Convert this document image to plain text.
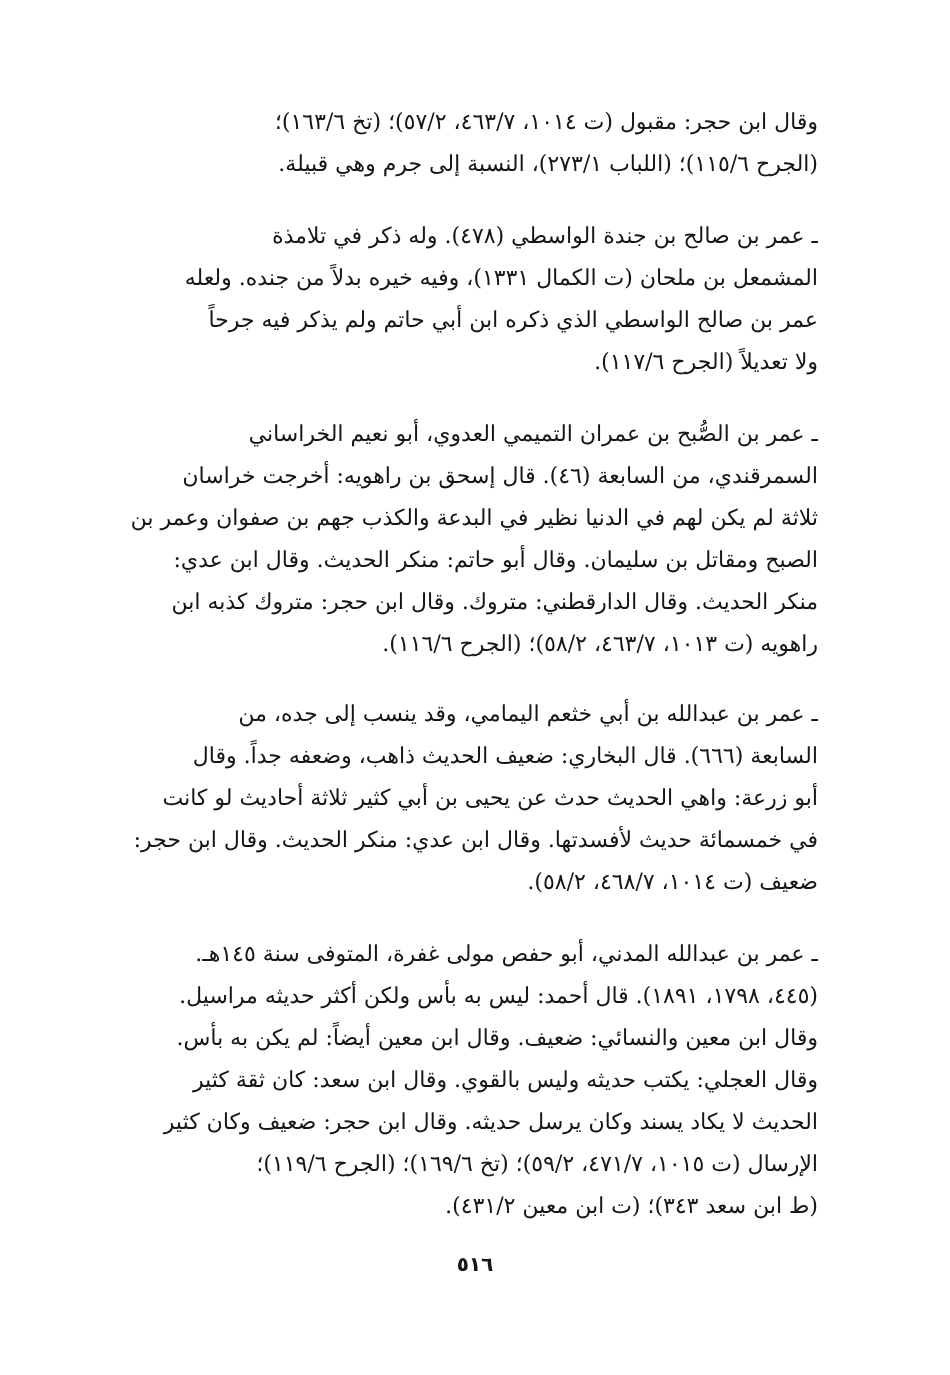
وقال ابن حجر: مقبول (ت ١٠١٤، ٤٦٣/٧، ٥٧/٢)؛ (تخ ١٦٣/٦)؛
(الجرح ١١٥/٦)؛ (اللباب ٢٧٣/١)، النسبة إلى جرم وهي قبيلة.

ـ عمر بن صالح بن جندة الواسطي (٤٧٨). وله ذكر في تلامذة
المشمعل بن ملحان (ت الكمال ١٣٣١)، وفيه خيره بدلاً من جنده. ولعله
عمر بن صالح الواسطي الذي ذكره ابن أبي حاتم ولم يذكر فيه جرحاً
ولا تعديلاً (الجرح ١١٧/٦).

ـ عمر بن الصُّبح بن عمران التميمي العدوي، أبو نعيم الخراساني
السمرقندي، من السابعة (٤٦). قال إسحق بن راهويه: أخرجت خراسان
ثلاثة لم يكن لهم في الدنيا نظير في البدعة والكذب جهم بن صفوان وعمر بن
الصبح ومقاتل بن سليمان. وقال أبو حاتم: منكر الحديث. وقال ابن عدي:
منكر الحديث. وقال الدارقطني: متروك. وقال ابن حجر: متروك كذبه ابن
راهويه (ت ١٠١٣، ٤٦٣/٧، ٥٨/٢)؛ (الجرح ١١٦/٦).

ـ عمر بن عبدالله بن أبي خثعم اليمامي، وقد ينسب إلى جده، من
السابعة (٦٦٦). قال البخاري: ضعيف الحديث ذاهب، وضعفه جداً. وقال
أبو زرعة: واهي الحديث حدث عن يحيى بن أبي كثير ثلاثة أحاديث لو كانت
في خمسمائة حديث لأفسدتها. وقال ابن عدي: منكر الحديث. وقال ابن حجر:
ضعيف (ت ١٠١٤، ٤٦٨/٧، ٥٨/٢).

ـ عمر بن عبدالله المدني، أبو حفص مولى غفرة، المتوفى سنة ١٤٥هـ.
(٤٤٥، ١٧٩٨، ١٨٩١). قال أحمد: ليس به بأس ولكن أكثر حديثه مراسيل.
وقال ابن معين والنسائي: ضعيف. وقال ابن معين أيضاً: لم يكن به بأس.
وقال العجلي: يكتب حديثه وليس بالقوي. وقال ابن سعد: كان ثقة كثير
الحديث لا يكاد يسند وكان يرسل حديثه. وقال ابن حجر: ضعيف وكان كثير
الإرسال (ت ١٠١٥، ٤٧١/٧، ٥٩/٢)؛ (تخ ١٦٩/٦)؛ (الجرح ١١٩/٦)؛
(ط ابن سعد ٣٤٣)؛ (ت ابن معين ٤٣١/٢).

٥١٦
